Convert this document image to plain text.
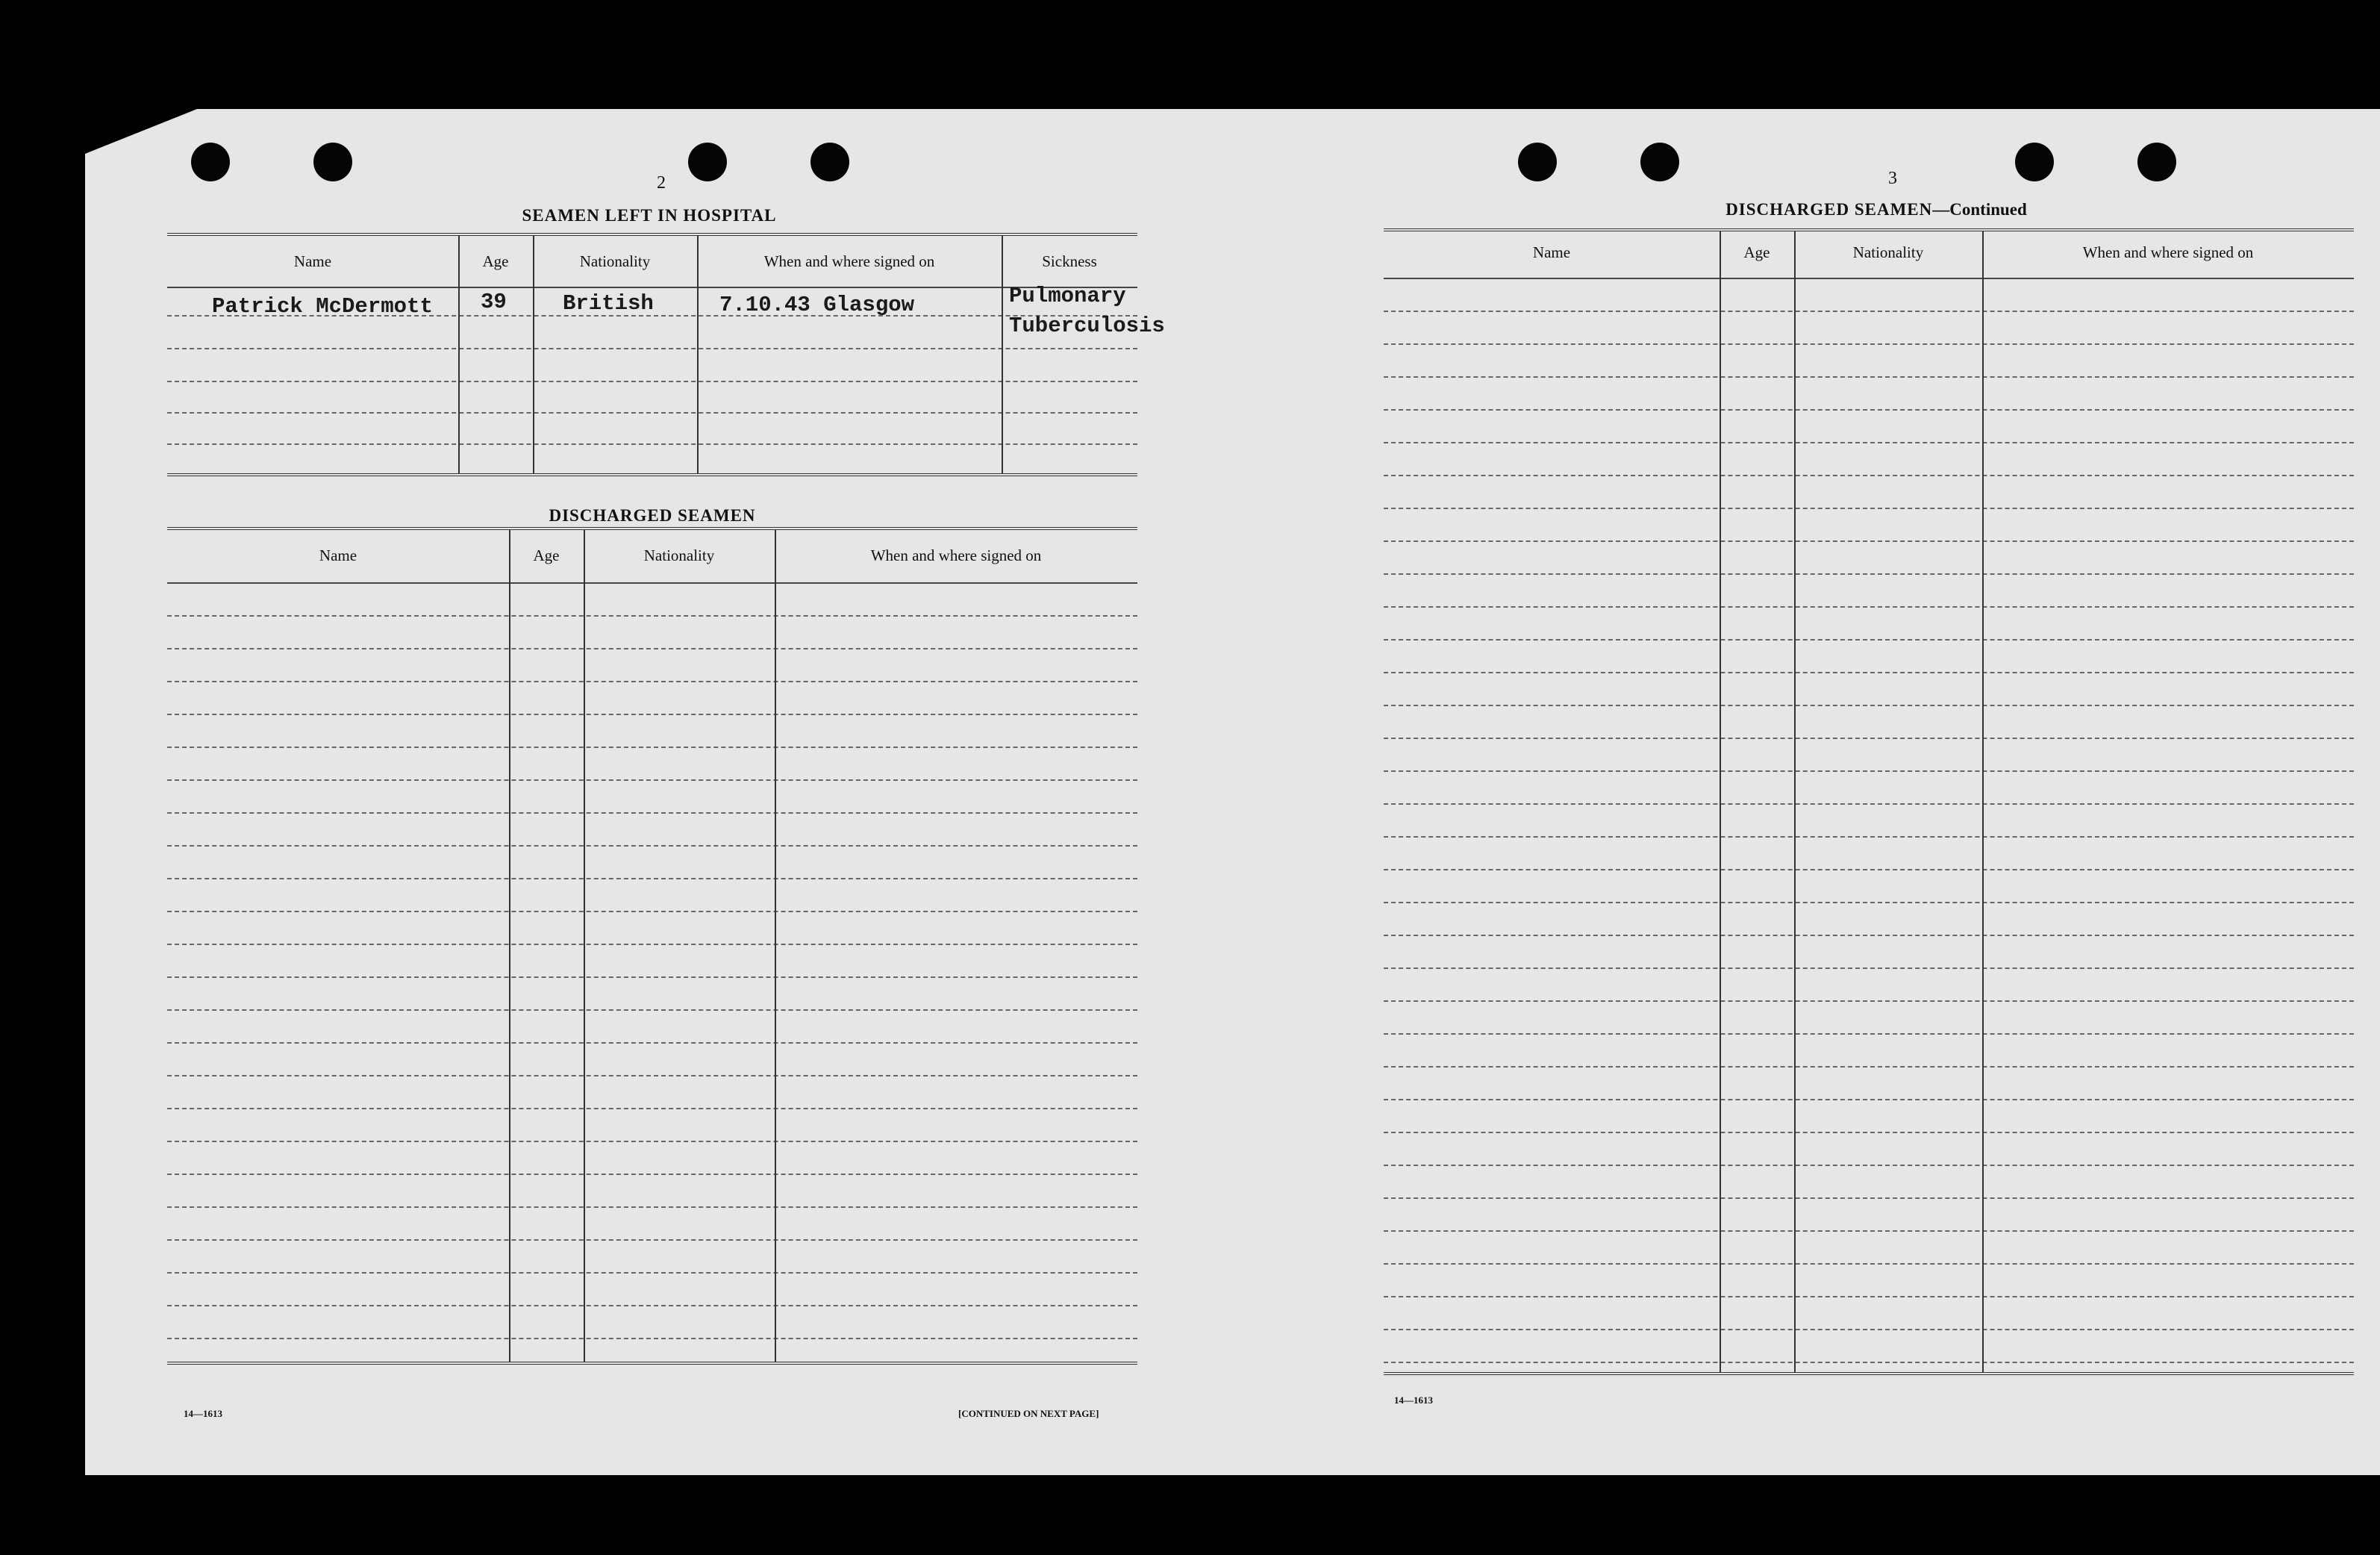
2
SEAMEN LEFT IN HOSPITAL
Name	Age	Nationality	When and where signed on	Sickness
Patrick McDermott 39	British	7.10.43 Glasgow	Pulmonary
Tuberculosis
DISCHARGED SEAMEN
Name	Age	Nationality	When and where signed on
14—1613	[CONTINUED ON NEXT PAGE]
3
DISCHARGED SEAMEN—Continued
Name	Age	Nationality	When and where signed on
14—1613
